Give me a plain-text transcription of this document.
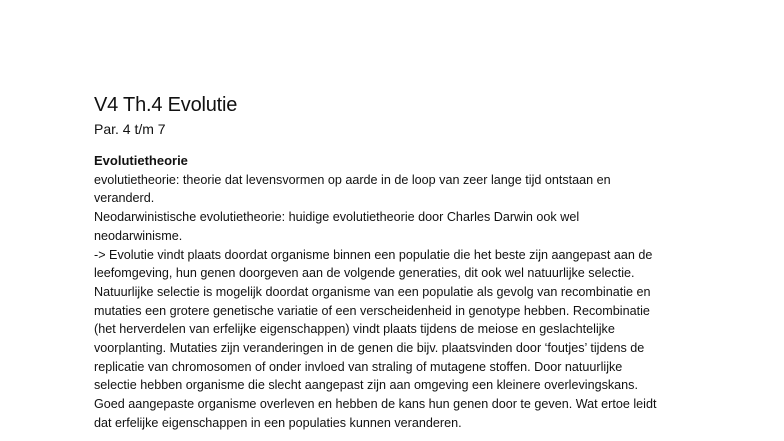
V4 Th.4 Evolutie
Par. 4 t/m 7
Evolutietheorie

evolutietheorie: theorie dat levensvormen op aarde in de loop van zeer lange tijd ontstaan en

veranderd.

Neodarwinistische evolutietheorie: huidige evolutietheorie door Charles Darwin ook wel

neodarwinisme.

-> Evolutie vindt plaats doordat organisme binnen een populatie die het beste zijn aangepast aan de

leefomgeving, hun genen doorgeven aan de volgende generaties, dit ook wel natuurlijke selectie.

Natuurlijke selectie is mogelijk doordat organisme van een populatie als gevolg van recombinatie en

mutaties een grotere genetische variatie of een verscheidenheid in genotype hebben. Recombinatie

(het herverdelen van erfelijke eigenschappen) vindt plaats tijdens de meiose en geslachtelijke

voorplanting. Mutaties zijn veranderingen in de genen die bijv. plaatsvinden door ‘foutjes’ tijdens de

replicatie van chromosomen of onder invloed van straling of mutagene stoffen. Door natuurlijke

selectie hebben organisme die slecht aangepast zijn aan omgeving een kleinere overlevingskans.

Goed aangepaste organisme overleven en hebben de kans hun genen door te geven. Wat ertoe leidt

dat erfelijke eigenschappen in een populaties kunnen veranderen.
